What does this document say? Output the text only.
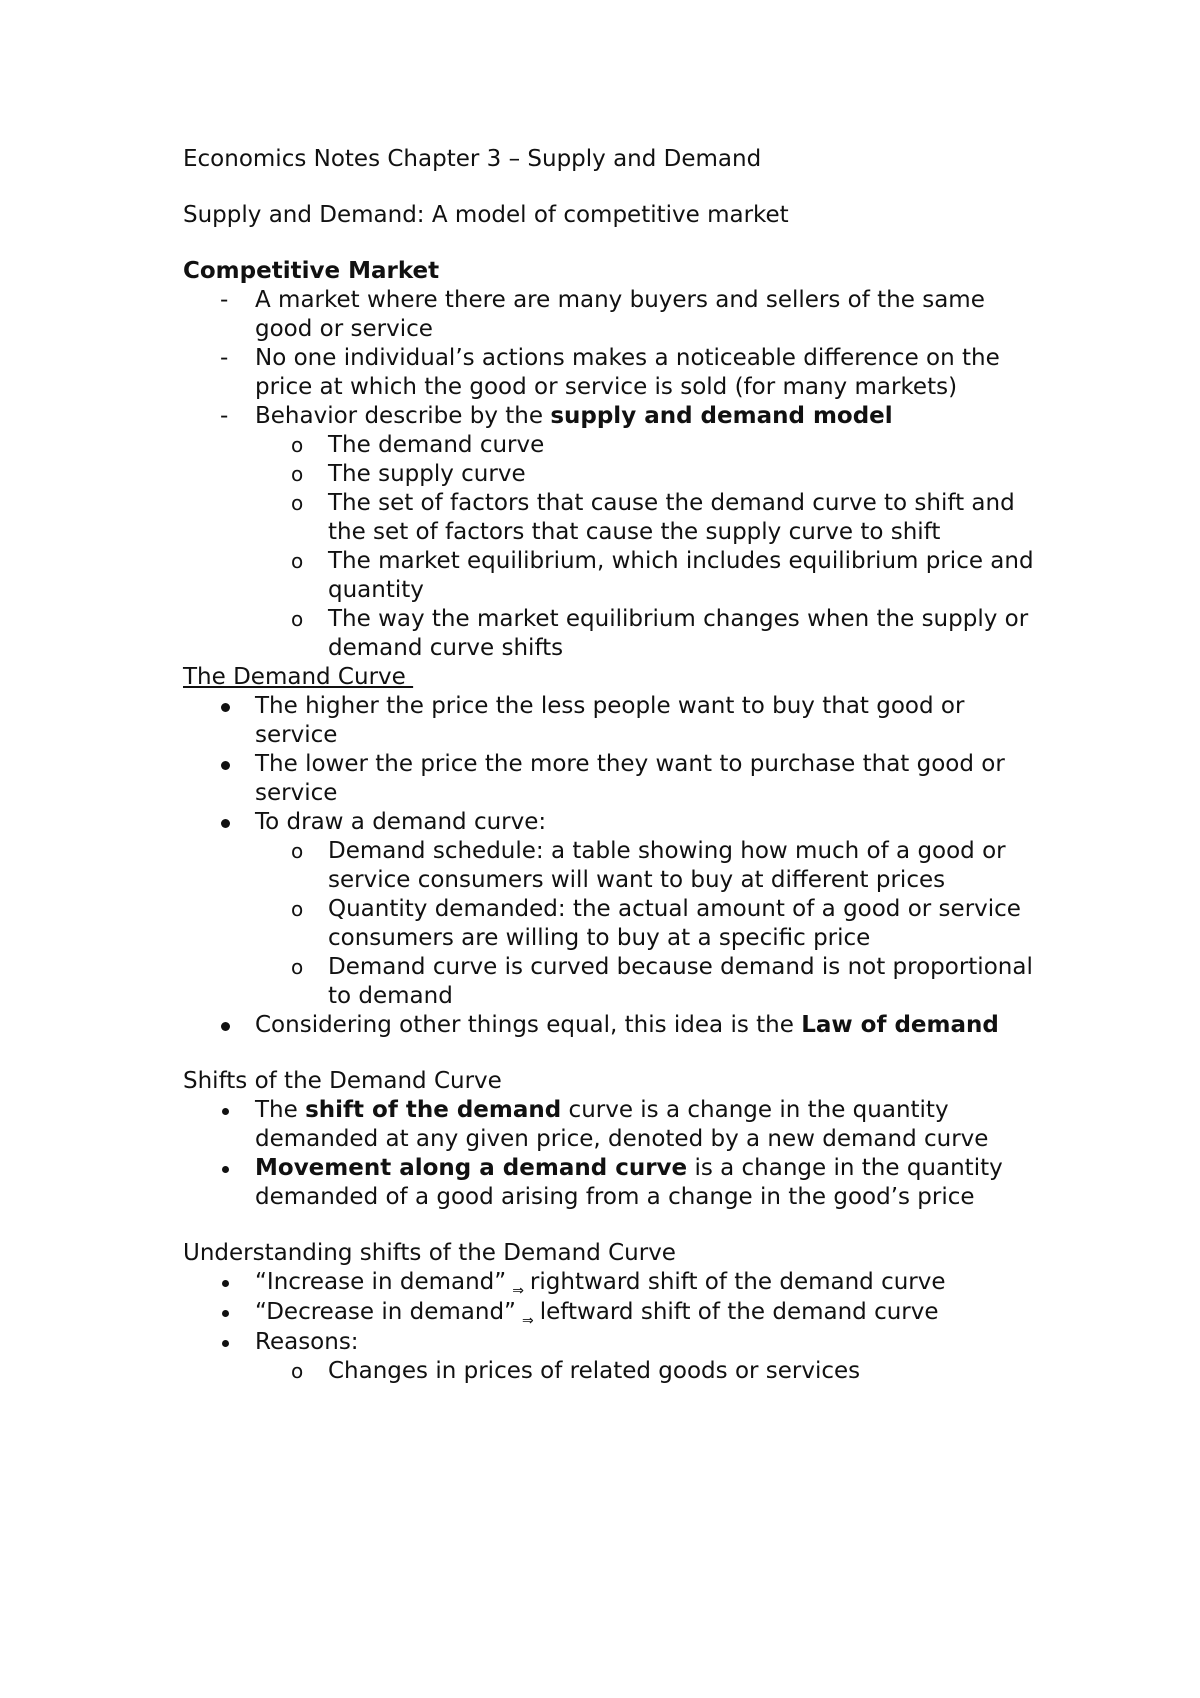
Economics Notes Chapter 3 – Supply and Demand

Supply and Demand: A model of competitive market

Competitive Market

- A market where there are many buyers and sellers of the same good or service
- No one individual’s actions makes a noticeable difference on the price at which the good or service is sold (for many markets)
- Behavior describe by the supply and demand model
o The demand curve
o The supply curve
o The set of factors that cause the demand curve to shift and the set of factors that cause the supply curve to shift
o The market equilibrium, which includes equilibrium price and quantity
o The way the market equilibrium changes when the supply or demand curve shifts

The Demand Curve

The higher the price the less people want to buy that good or service
The lower the price the more they want to purchase that good or service
To draw a demand curve:
o Demand schedule: a table showing how much of a good or service consumers will want to buy at different prices
o Quantity demanded: the actual amount of a good or service consumers are willing to buy at a specific price
o Demand curve is curved because demand is not proportional to demand
Considering other things equal, this idea is the Law of demand

Shifts of the Demand Curve

The shift of the demand curve is a change in the quantity demanded at any given price, denoted by a new demand curve
Movement along a demand curve is a change in the quantity demanded of a good arising from a change in the good’s price

Understanding shifts of the Demand Curve

“Increase in demand” ⇒ rightward shift of the demand curve
“Decrease in demand” ⇒ leftward shift of the demand curve
Reasons:
o Changes in prices of related goods or services
